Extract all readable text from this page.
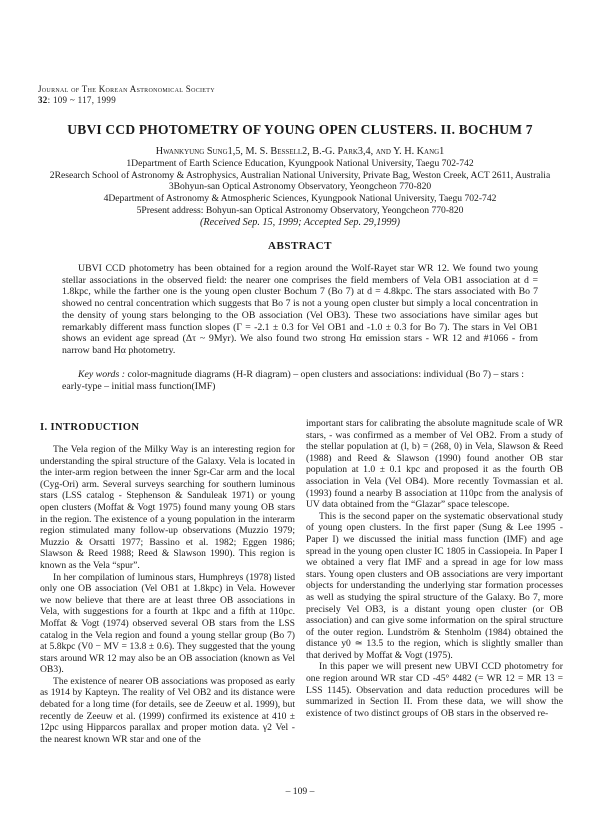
Journal of The Korean Astronomical Society
32: 109 ~ 117, 1999
UBVI CCD PHOTOMETRY OF YOUNG OPEN CLUSTERS. II. BOCHUM 7
Hwankyung Sung1,5, M. S. Bessell2, B.-G. Park3,4, and Y. H. Kang1
1Department of Earth Science Education, Kyungpook National University, Taegu 702-742
2Research School of Astronomy & Astrophysics, Australian National University, Private Bag, Weston Creek, ACT 2611, Australia
3Bohyun-san Optical Astronomy Observatory, Yeongcheon 770-820
4Department of Astronomy & Atmospheric Sciences, Kyungpook National University, Taegu 702-742
5Present address: Bohyun-san Optical Astronomy Observatory, Yeongcheon 770-820
(Received Sep. 15, 1999; Accepted Sep. 29,1999)
ABSTRACT
UBVI CCD photometry has been obtained for a region around the Wolf-Rayet star WR 12. We found two young stellar associations in the observed field: the nearer one comprises the field members of Vela OB1 association at d = 1.8kpc, while the farther one is the young open cluster Bochum 7 (Bo 7) at d = 4.8kpc. The stars associated with Bo 7 showed no central concentration which suggests that Bo 7 is not a young open cluster but simply a local concentration in the density of young stars belonging to the OB association (Vel OB3). These two associations have similar ages but remarkably different mass function slopes (Γ = -2.1 ± 0.3 for Vel OB1 and -1.0 ± 0.3 for Bo 7). The stars in Vel OB1 shows an evident age spread (Δτ ~ 9Myr). We also found two strong Hα emission stars - WR 12 and #1066 - from narrow band Hα photometry.
Key words : color-magnitude diagrams (H-R diagram) – open clusters and associations: individual (Bo 7) – stars : early-type – initial mass function(IMF)
I. INTRODUCTION

The Vela region of the Milky Way is an interesting region for understanding the spiral structure of the Galaxy. Vela is located in the inter-arm region between the inner Sgr-Car arm and the local (Cyg-Ori) arm. Several surveys searching for southern luminous stars (LSS catalog - Stephenson & Sanduleak 1971) or young open clusters (Moffat & Vogt 1975) found many young OB stars in the region. The existence of a young population in the interarm region stimulated many follow-up observations (Muzzio 1979; Muzzio & Orsatti 1977; Bassino et al. 1982; Eggen 1986; Slawson & Reed 1988; Reed & Slawson 1990). This region is known as the Vela “spur”.

In her compilation of luminous stars, Humphreys (1978) listed only one OB association (Vel OB1 at 1.8kpc) in Vela. However we now believe that there are at least three OB associations in Vela, with suggestions for a fourth at 1kpc and a fifth at 110pc. Moffat & Vogt (1974) observed several OB stars from the LSS catalog in the Vela region and found a young stellar group (Bo 7) at 5.8kpc (V0 − MV = 13.8 ± 0.6). They suggested that the young stars around WR 12 may also be an OB association (known as Vel OB3).

The existence of nearer OB associations was proposed as early as 1914 by Kapteyn. The reality of Vel OB2 and its distance were debated for a long time (for details, see de Zeeuw et al. 1999), but recently de Zeeuw et al. (1999) confirmed its existence at 410 ± 12pc using Hipparcos parallax and proper motion data. γ2 Vel - the nearest known WR star and one of the

important stars for calibrating the absolute magnitude scale of WR stars, - was confirmed as a member of Vel OB2. From a study of the stellar population at (l, b) = (268, 0) in Vela, Slawson & Reed (1988) and Reed & Slawson (1990) found another OB star population at 1.0 ± 0.1 kpc and proposed it as the fourth OB association in Vela (Vel OB4). More recently Tovmassian et al. (1993) found a nearby B association at 110pc from the analysis of UV data obtained from the “Glazar” space telescope.

This is the second paper on the systematic observational study of young open clusters. In the first paper (Sung & Lee 1995 - Paper I) we discussed the initial mass function (IMF) and age spread in the young open cluster IC 1805 in Cassiopeia. In Paper I we obtained a very flat IMF and a spread in age for low mass stars. Young open clusters and OB associations are very important objects for understanding the underlying star formation processes as well as studying the spiral structure of the Galaxy. Bo 7, more precisely Vel OB3, is a distant young open cluster (or OB association) and can give some information on the spiral structure of the outer region. Lundström & Stenholm (1984) obtained the distance y0 ≃ 13.5 to the region, which is slightly smaller than that derived by Moffat & Vogt (1975).

In this paper we will present new UBVI CCD photometry for one region around WR star CD -45° 4482 (= WR 12 = MR 13 = LSS 1145). Observation and data reduction procedures will be summarized in Section II. From these data, we will show the existence of two distinct groups of OB stars in the observed re-

– 109 –
